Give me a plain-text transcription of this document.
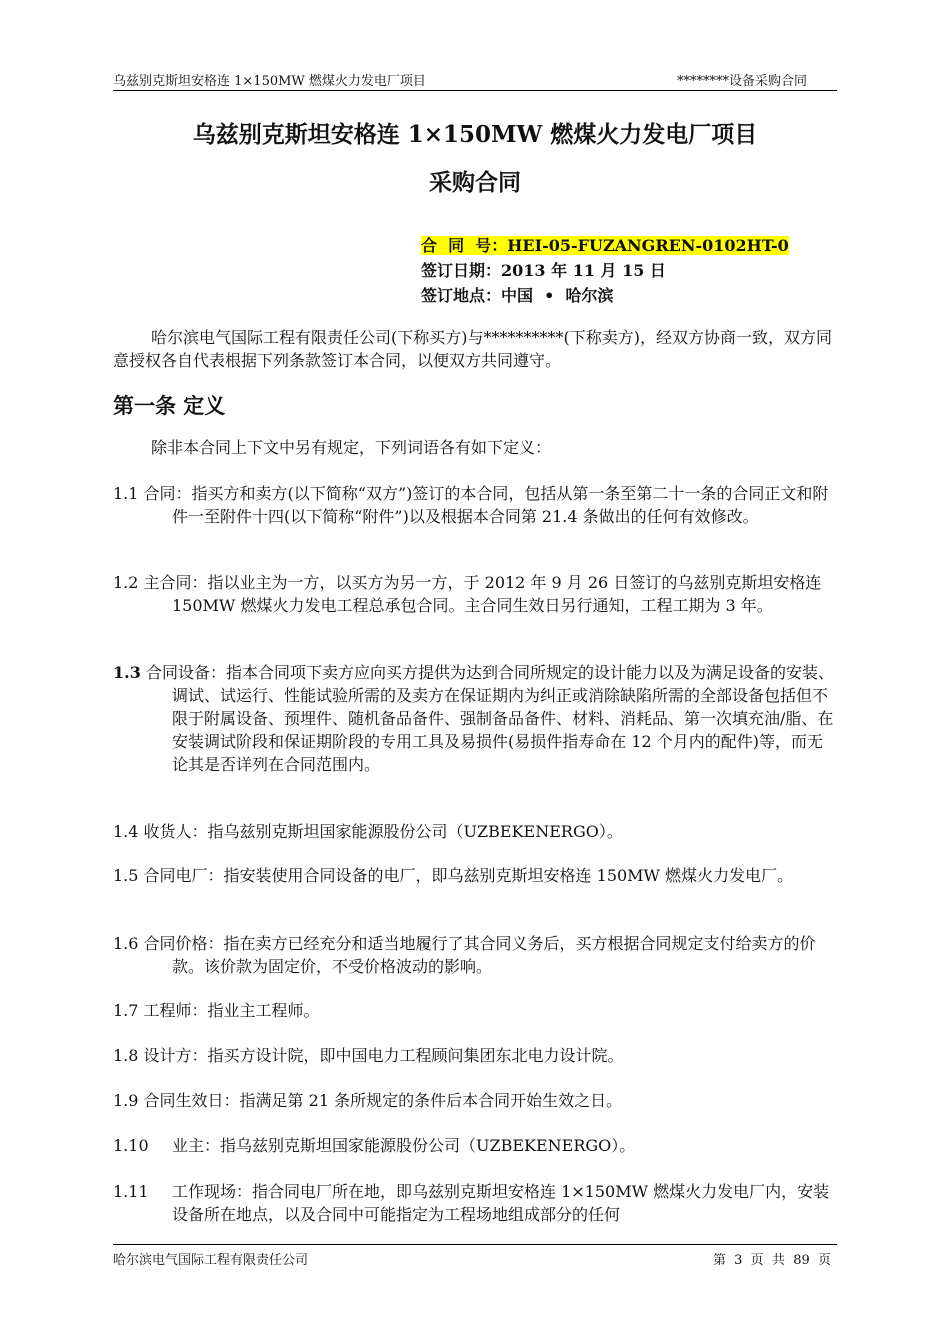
乌兹别克斯坦安格连 1×150MW 燃煤火力发电厂项目	********设备采购合同
乌兹别克斯坦安格连 1×150MW 燃煤火力发电厂项目
采购合同
合  同  号：HEI-05-FUZANGREN-0102HT-0
签订日期：2013 年 11 月 15 日
签订地点：中国  •  哈尔滨

哈尔滨电气国际工程有限责任公司(下称买方)与**********(下称卖方)，经双方协商一致，双方同意授权各自代表根据下列条款签订本合同，以便双方共同遵守。

第一条 定义

除非本合同上下文中另有规定，下列词语各有如下定义：

1.1 合同：指买方和卖方(以下简称“双方”)签订的本合同，包括从第一条至第二十一条的合同正文和附件一至附件十四(以下简称“附件”)以及根据本合同第 21.4 条做出的任何有效修改。
1.2 主合同：指以业主为一方，以买方为另一方，于 2012 年 9 月 26 日签订的乌兹别克斯坦安格连 150MW 燃煤火力发电工程总承包合同。主合同生效日另行通知，工程工期为 3 年。
1.3 合同设备：指本合同项下卖方应向买方提供为达到合同所规定的设计能力以及为满足设备的安装、调试、试运行、性能试验所需的及卖方在保证期内为纠正或消除缺陷所需的全部设备包括但不限于附属设备、预埋件、随机备品备件、强制备品备件、材料、消耗品、第一次填充油/脂、在安装调试阶段和保证期阶段的专用工具及易损件(易损件指寿命在 12 个月内的配件)等，而无论其是否详列在合同范围内。
1.4 收货人：指乌兹别克斯坦国家能源股份公司（UZBEKENERGO）。
1.5 合同电厂：指安装使用合同设备的电厂，即乌兹别克斯坦安格连 150MW 燃煤火力发电厂。
1.6 合同价格：指在卖方已经充分和适当地履行了其合同义务后，买方根据合同规定支付给卖方的价款。该价款为固定价，不受价格波动的影响。
1.7 工程师：指业主工程师。
1.8 设计方：指买方设计院，即中国电力工程顾问集团东北电力设计院。
1.9 合同生效日：指满足第 21 条所规定的条件后本合同开始生效之日。
1.10 业主：指乌兹别克斯坦国家能源股份公司（UZBEKENERGO）。
1.11 工作现场：指合同电厂所在地，即乌兹别克斯坦安格连 1×150MW 燃煤火力发电厂内，安装设备所在地点，以及合同中可能指定为工程场地组成部分的任何
哈尔滨电气国际工程有限责任公司	第  3  页  共  89  页
